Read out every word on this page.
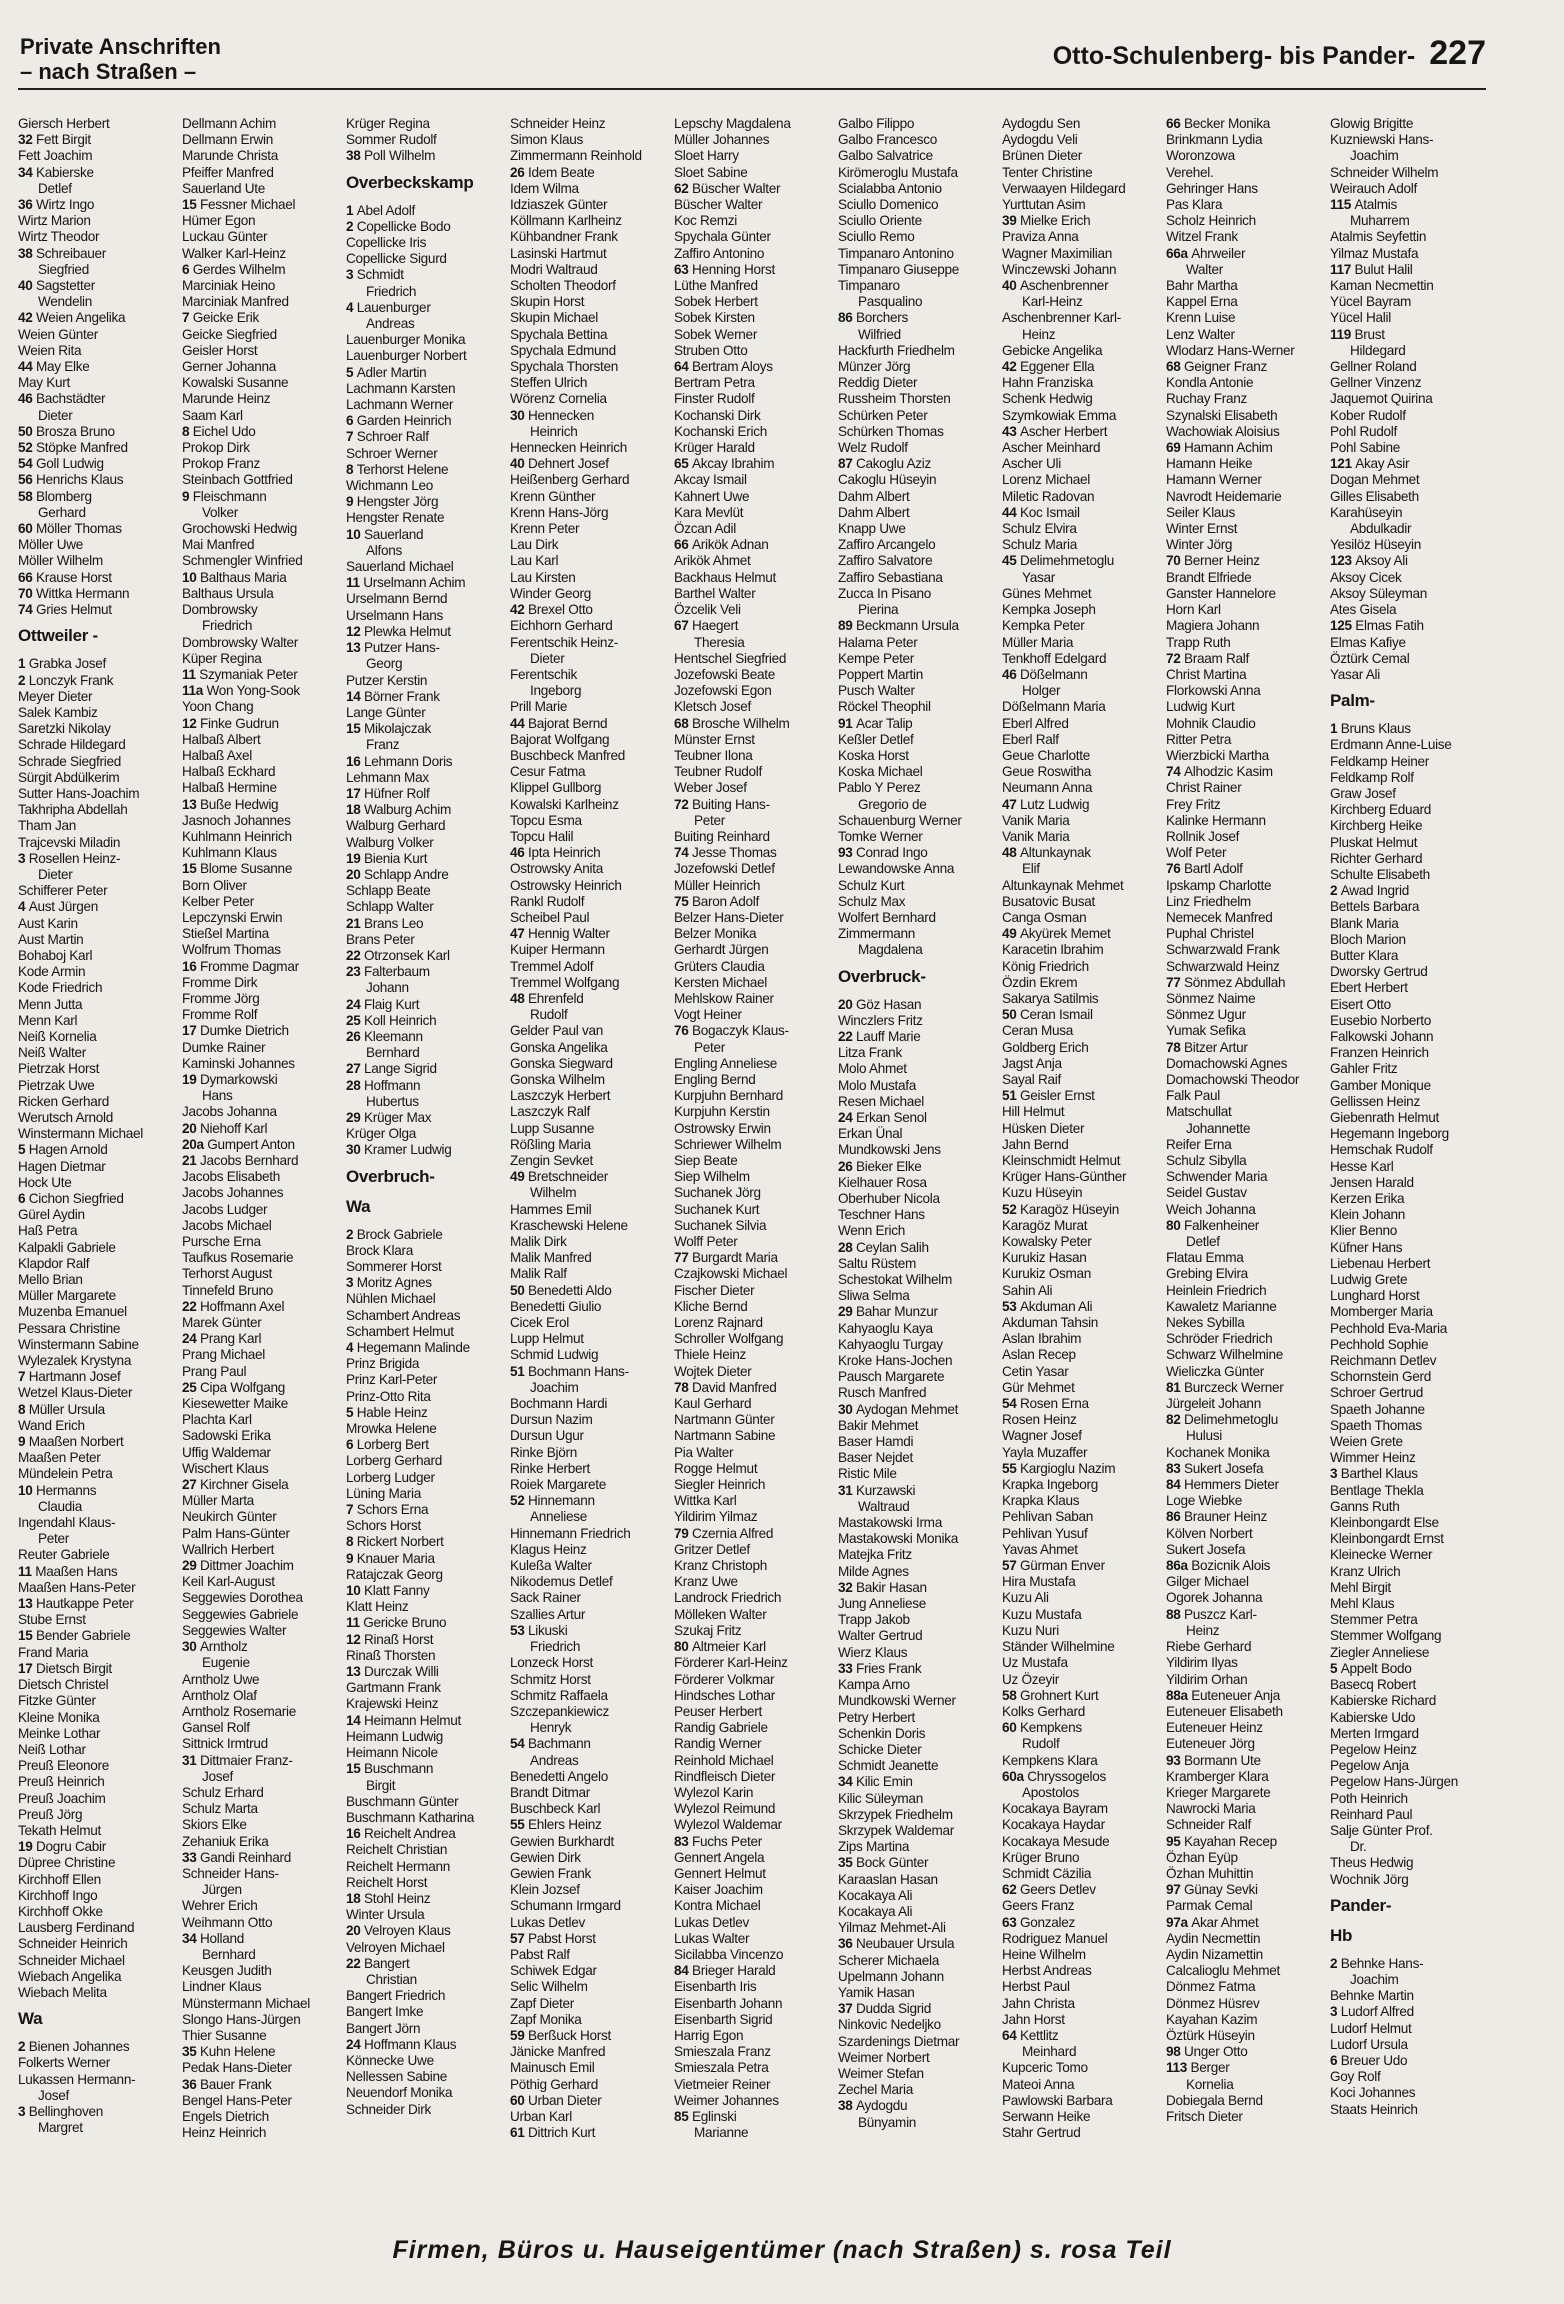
Private Anschriften
– nach Straßen –
Otto-Schulenberg- bis Pander- 227
Giersch Herbert
32 Fett Birgit
Fett Joachim
34 Kabierske
Detlef
36 Wirtz Ingo
Wirtz Marion
Wirtz Theodor
38 Schreibauer
Siegfried
40 Sagstetter
Wendelin
42 Weien Angelika
Weien Günter
Weien Rita
44 May Elke
May Kurt
46 Bachstädter
Dieter
50 Brosza Bruno
52 Stöpke Manfred
54 Goll Ludwig
56 Henrichs Klaus
58 Blomberg
Gerhard
60 Möller Thomas
Möller Uwe
Möller Wilhelm
66 Krause Horst
70 Wittka Hermann
74 Gries Helmut
Ottweiler -
1 Grabka Josef
2 Lonczyk Frank
Meyer Dieter
Salek Kambiz
Saretzki Nikolay
Schrade Hildegard
Schrade Siegfried
Sürgit Abdülkerim
Sutter Hans-Joachim
Takhripha Abdellah
Tham Jan
Trajcevski Miladin
3 Rosellen Heinz-
Dieter
Schifferer Peter
4 Aust Jürgen
Aust Karin
Aust Martin
Bohaboj Karl
Kode Armin
Kode Friedrich
Menn Jutta
Menn Karl
Neiß Kornelia
Neiß Walter
Pietrzak Horst
Pietrzak Uwe
Ricken Gerhard
Werutsch Arnold
Winstermann Michael
5 Hagen Arnold
Hagen Dietmar
Hock Ute
6 Cichon Siegfried
Gürel Aydin
Haß Petra
Kalpakli Gabriele
Klapdor Ralf
Mello Brian
Müller Margarete
Muzenba Emanuel
Pessara Christine
Winstermann Sabine
Wylezalek Krystyna
7 Hartmann Josef
Wetzel Klaus-Dieter
8 Müller Ursula
Wand Erich
9 Maaßen Norbert
Maaßen Peter
Mündelein Petra
10 Hermanns
Claudia
Ingendahl Klaus-
Peter
Reuter Gabriele
11 Maaßen Hans
Maaßen Hans-Peter
13 Hautkappe Peter
Stube Ernst
15 Bender Gabriele
Frand Maria
17 Dietsch Birgit
Dietsch Christel
Fitzke Günter
Kleine Monika
Meinke Lothar
Neiß Lothar
Preuß Eleonore
Preuß Heinrich
Preuß Joachim
Preuß Jörg
Tekath Helmut
19 Dogru Cabir
Düpree Christine
Kirchhoff Ellen
Kirchhoff Ingo
Kirchhoff Okke
Lausberg Ferdinand
Schneider Heinrich
Schneider Michael
Wiebach Angelika
Wiebach Melita
Wa
2 Bienen Johannes
Folkerts Werner
Lukassen Hermann-
Josef
3 Bellinghoven
Margret
Dellmann Achim
Dellmann Erwin
Marunde Christa
Pfeiffer Manfred
Sauerland Ute
15 Fessner Michael
Hümer Egon
Luckau Günter
Walker Karl-Heinz
6 Gerdes Wilhelm
Marciniak Heino
Marciniak Manfred
7 Geicke Erik
Geicke Siegfried
Geisler Horst
Gerner Johanna
Kowalski Susanne
Marunde Heinz
Saam Karl
8 Eichel Udo
Prokop Dirk
Prokop Franz
Steinbach Gottfried
9 Fleischmann
Volker
Grochowski Hedwig
Mai Manfred
Schmengler Winfried
10 Balthaus Maria
Balthaus Ursula
Dombrowsky
Friedrich
Dombrowsky Walter
Küper Regina
11 Szymaniak Peter
11a Won Yong-Sook
Yoon Chang
12 Finke Gudrun
Halbaß Albert
Halbaß Axel
Halbaß Eckhard
Halbaß Hermine
13 Buße Hedwig
Jasnoch Johannes
Kuhlmann Heinrich
Kuhlmann Klaus
15 Blome Susanne
Born Oliver
Kelber Peter
Lepczynski Erwin
Stießel Martina
Wolfrum Thomas
16 Fromme Dagmar
Fromme Dirk
Fromme Jörg
Fromme Rolf
17 Dumke Dietrich
Dumke Rainer
Kaminski Johannes
19 Dymarkowski
Hans
Jacobs Johanna
20 Niehoff Karl
20a Gumpert Anton
21 Jacobs Bernhard
Jacobs Elisabeth
Jacobs Johannes
Jacobs Ludger
Jacobs Michael
Pursche Erna
Taufkus Rosemarie
Terhorst August
Tinnefeld Bruno
22 Hoffmann Axel
Marek Günter
24 Prang Karl
Prang Michael
Prang Paul
25 Cipa Wolfgang
Kiesewetter Maike
Plachta Karl
Sadowski Erika
Uffig Waldemar
Wischert Klaus
27 Kirchner Gisela
Müller Marta
Neukirch Günter
Palm Hans-Günter
Wallrich Herbert
29 Dittmer Joachim
Keil Karl-August
Seggewies Dorothea
Seggewies Gabriele
Seggewies Walter
30 Arntholz
Eugenie
Arntholz Uwe
Arntholz Olaf
Arntholz Rosemarie
Gansel Rolf
Sittnick Irmtrud
31 Dittmaier Franz-
Josef
Schulz Erhard
Schulz Marta
Skiors Elke
Zehaniuk Erika
33 Gandi Reinhard
Schneider Hans-
Jürgen
Wehrer Erich
Weihmann Otto
34 Holland
Bernhard
Keusgen Judith
Lindner Klaus
Münstermann Michael
Slongo Hans-Jürgen
Thier Susanne
35 Kuhn Helene
Pedak Hans-Dieter
36 Bauer Frank
Bengel Hans-Peter
Engels Dietrich
Heinz Heinrich
Krüger Regina
Sommer Rudolf
38 Poll Wilhelm
Overbeckskamp
1 Abel Adolf
2 Copellicke Bodo
Copellicke Iris
Copellicke Sigurd
3 Schmidt
Friedrich
4 Lauenburger
Andreas
Lauenburger Monika
Lauenburger Norbert
5 Adler Martin
Lachmann Karsten
Lachmann Werner
6 Garden Heinrich
7 Schroer Ralf
Schroer Werner
8 Terhorst Helene
Wichmann Leo
9 Hengster Jörg
Hengster Renate
10 Sauerland
Alfons
Sauerland Michael
11 Urselmann Achim
Urselmann Bernd
Urselmann Hans
12 Plewka Helmut
13 Putzer Hans-
Georg
Putzer Kerstin
14 Börner Frank
Lange Günter
15 Mikolajczak
Franz
16 Lehmann Doris
Lehmann Max
17 Hüfner Rolf
18 Walburg Achim
Walburg Gerhard
Walburg Volker
19 Bienia Kurt
20 Schlapp Andre
Schlapp Beate
Schlapp Walter
21 Brans Leo
Brans Peter
22 Otrzonsek Karl
23 Falterbaum
Johann
24 Flaig Kurt
25 Koll Heinrich
26 Kleemann
Bernhard
27 Lange Sigrid
28 Hoffmann
Hubertus
29 Krüger Max
Krüger Olga
30 Kramer Ludwig
Overbruch-
Wa
2 Brock Gabriele
Brock Klara
Sommerer Horst
3 Moritz Agnes
Nühlen Michael
Schambert Andreas
Schambert Helmut
4 Hegemann Malinde
Prinz Brigida
Prinz Karl-Peter
Prinz-Otto Rita
5 Hable Heinz
Mrowka Helene
6 Lorberg Bert
Lorberg Gerhard
Lorberg Ludger
Lüning Maria
7 Schors Erna
Schors Horst
8 Rickert Norbert
9 Knauer Maria
Ratajczak Georg
10 Klatt Fanny
Klatt Heinz
11 Gericke Bruno
12 Rinaß Horst
Rinaß Thorsten
13 Durczak Willi
Gartmann Frank
Krajewski Heinz
14 Heimann Helmut
Heimann Ludwig
Heimann Nicole
15 Buschmann
Birgit
Buschmann Günter
Buschmann Katharina
16 Reichelt Andrea
Reichelt Christian
Reichelt Hermann
Reichelt Horst
18 Stohl Heinz
Winter Ursula
20 Velroyen Klaus
Velroyen Michael
22 Bangert
Christian
Bangert Friedrich
Bangert Imke
Bangert Jörn
24 Hoffmann Klaus
Könnecke Uwe
Nellessen Sabine
Neuendorf Monika
Schneider Dirk
Schneider Heinz
Simon Klaus
Zimmermann Reinhold
26 Idem Beate
Idem Wilma
Idziaszek Günter
Köllmann Karlheinz
Kühbandner Frank
Lasinski Hartmut
Modri Waltraud
Scholten Theodorf
Skupin Horst
Skupin Michael
Spychala Bettina
Spychala Edmund
Spychala Thorsten
Steffen Ulrich
Wörenz Cornelia
30 Hennecken
Heinrich
Hennecken Heinrich
40 Dehnert Josef
Heißenberg Gerhard
Krenn Günther
Krenn Hans-Jörg
Krenn Peter
Lau Dirk
Lau Karl
Lau Kirsten
Winder Georg
42 Brexel Otto
Eichhorn Gerhard
Ferentschik Heinz-
Dieter
Ferentschik
Ingeborg
Prill Marie
44 Bajorat Bernd
Bajorat Wolfgang
Buschbeck Manfred
Cesur Fatma
Klippel Gullborg
Kowalski Karlheinz
Topcu Esma
Topcu Halil
46 Ipta Heinrich
Ostrowsky Anita
Ostrowsky Heinrich
Rankl Rudolf
Scheibel Paul
47 Hennig Walter
Kuiper Hermann
Tremmel Adolf
Tremmel Wolfgang
48 Ehrenfeld
Rudolf
Gelder Paul van
Gonska Angelika
Gonska Siegward
Gonska Wilhelm
Laszczyk Herbert
Laszczyk Ralf
Lupp Susanne
Rößling Maria
Zengin Sevket
49 Bretschneider
Wilhelm
Hammes Emil
Kraschewski Helene
Malik Dirk
Malik Manfred
Malik Ralf
50 Benedetti Aldo
Benedetti Giulio
Cicek Erol
Lupp Helmut
Schmid Ludwig
51 Bochmann Hans-
Joachim
Bochmann Hardi
Dursun Nazim
Dursun Ugur
Rinke Björn
Rinke Herbert
Roiek Margarete
52 Hinnemann
Anneliese
Hinnemann Friedrich
Klagus Heinz
Kuleßa Walter
Nikodemus Detlef
Sack Rainer
Szallies Artur
53 Likuski
Friedrich
Lonzeck Horst
Schmitz Horst
Schmitz Raffaela
Szczepankiewicz
Henryk
54 Bachmann
Andreas
Benedetti Angelo
Brandt Ditmar
Buschbeck Karl
55 Ehlers Heinz
Gewien Burkhardt
Gewien Dirk
Gewien Frank
Klein Jozsef
Schumann Irmgard
Lukas Detlev
57 Pabst Horst
Pabst Ralf
Schiwek Edgar
Selic Wilhelm
Zapf Dieter
Zapf Monika
59 Berßuck Horst
Jänicke Manfred
Mainusch Emil
Pöthig Gerhard
60 Urban Dieter
Urban Karl
61 Dittrich Kurt
Lepschy Magdalena
Müller Johannes
Sloet Harry
Sloet Sabine
62 Büscher Walter
Büscher Walter
Koc Remzi
Spychala Günter
Zaffiro Antonino
63 Henning Horst
Lüthe Manfred
Sobek Herbert
Sobek Kirsten
Sobek Werner
Struben Otto
64 Bertram Aloys
Bertram Petra
Finster Rudolf
Kochanski Dirk
Kochanski Erich
Krüger Harald
65 Akcay Ibrahim
Akcay Ismail
Kahnert Uwe
Kara Mevlüt
Özcan Adil
66 Arikök Adnan
Arikök Ahmet
Backhaus Helmut
Barthel Walter
Özcelik Veli
67 Haegert
Theresia
Hentschel Siegfried
Jozefowski Beate
Jozefowski Egon
Kletsch Josef
68 Brosche Wilhelm
Münster Ernst
Teubner Ilona
Teubner Rudolf
Weber Josef
72 Buiting Hans-
Peter
Buiting Reinhard
74 Jesse Thomas
Jozefowski Detlef
Müller Heinrich
75 Baron Adolf
Belzer Hans-Dieter
Belzer Monika
Gerhardt Jürgen
Grüters Claudia
Kersten Michael
Mehlskow Rainer
Vogt Heiner
76 Bogaczyk Klaus-
Peter
Engling Anneliese
Engling Bernd
Kurpjuhn Bernhard
Kurpjuhn Kerstin
Ostrowsky Erwin
Schriewer Wilhelm
Siep Beate
Siep Wilhelm
Suchanek Jörg
Suchanek Kurt
Suchanek Silvia
Wolff Peter
77 Burgardt Maria
Czajkowski Michael
Fischer Dieter
Kliche Bernd
Lorenz Rajnard
Schroller Wolfgang
Thiele Heinz
Wojtek Dieter
78 David Manfred
Kaul Gerhard
Nartmann Günter
Nartmann Sabine
Pia Walter
Rogge Helmut
Siegler Heinrich
Wittka Karl
Yildirim Yilmaz
79 Czernia Alfred
Gritzer Detlef
Kranz Christoph
Kranz Uwe
Landrock Friedrich
Mölleken Walter
Szukaj Fritz
80 Altmeier Karl
Förderer Karl-Heinz
Förderer Volkmar
Hindsches Lothar
Peuser Herbert
Randig Gabriele
Randig Werner
Reinhold Michael
Rindfleisch Dieter
Wylezol Karin
Wylezol Reimund
Wylezol Waldemar
83 Fuchs Peter
Gennert Angela
Gennert Helmut
Kaiser Joachim
Kontra Michael
Lukas Detlev
Lukas Walter
Sicilabba Vincenzo
84 Brieger Harald
Eisenbarth Iris
Eisenbarth Johann
Eisenbarth Sigrid
Harrig Egon
Smieszala Franz
Smieszala Petra
Vietmeier Reiner
Weimer Johannes
85 Eglinski
Marianne
Galbo Filippo
Galbo Francesco
Galbo Salvatrice
Kirömeroglu Mustafa
Scialabba Antonio
Sciullo Domenico
Sciullo Oriente
Sciullo Remo
Timpanaro Antonino
Timpanaro Giuseppe
Timpanaro
Pasqualino
86 Borchers
Wilfried
Hackfurth Friedhelm
Münzer Jörg
Reddig Dieter
Russheim Thorsten
Schürken Peter
Schürken Thomas
Welz Rudolf
87 Cakoglu Aziz
Cakoglu Hüseyin
Dahm Albert
Dahm Albert
Knapp Uwe
Zaffiro Arcangelo
Zaffiro Salvatore
Zaffiro Sebastiana
Zucca In Pisano
Pierina
89 Beckmann Ursula
Halama Peter
Kempe Peter
Poppert Martin
Pusch Walter
Röckel Theophil
91 Acar Talip
Keßler Detlef
Koska Horst
Koska Michael
Pablo Y Perez
Gregorio de
Schauenburg Werner
Tomke Werner
93 Conrad Ingo
Lewandowske Anna
Schulz Kurt
Schulz Max
Wolfert Bernhard
Zimmermann
Magdalena
Overbruck-
20 Göz Hasan
Winczlers Fritz
22 Lauff Marie
Litza Frank
Molo Ahmet
Molo Mustafa
Resen Michael
24 Erkan Senol
Erkan Ünal
Mundkowski Jens
26 Bieker Elke
Kielhauer Rosa
Oberhuber Nicola
Teschner Hans
Wenn Erich
28 Ceylan Salih
Saltu Rüstem
Schestokat Wilhelm
Sliwa Selma
29 Bahar Munzur
Kahyaoglu Kaya
Kahyaoglu Turgay
Kroke Hans-Jochen
Pausch Margarete
Rusch Manfred
30 Aydogan Mehmet
Bakir Mehmet
Baser Hamdi
Baser Nejdet
Ristic Mile
31 Kurzawski
Waltraud
Mastakowski Irma
Mastakowski Monika
Matejka Fritz
Milde Agnes
32 Bakir Hasan
Jung Anneliese
Trapp Jakob
Walter Gertrud
Wierz Klaus
33 Fries Frank
Kampa Arno
Mundkowski Werner
Petry Herbert
Schenkin Doris
Schicke Dieter
Schmidt Jeanette
34 Kilic Emin
Kilic Süleyman
Skrzypek Friedhelm
Skrzypek Waldemar
Zips Martina
35 Bock Günter
Karaaslan Hasan
Kocakaya Ali
Kocakaya Ali
Yilmaz Mehmet-Ali
36 Neubauer Ursula
Scherer Michaela
Upelmann Johann
Yamik Hasan
37 Dudda Sigrid
Ninkovic Nedeljko
Szardenings Dietmar
Weimer Norbert
Weimer Stefan
Zechel Maria
38 Aydogdu
Bünyamin
Aydogdu Sen
Aydogdu Veli
Brünen Dieter
Tenter Christine
Verwaayen Hildegard
Yurttutan Asim
39 Mielke Erich
Praviza Anna
Wagner Maximilian
Winczewski Johann
40 Aschenbrenner
Karl-Heinz
Aschenbrenner Karl-
Heinz
Gebicke Angelika
42 Eggener Ella
Hahn Franziska
Schenk Hedwig
Szymkowiak Emma
43 Ascher Herbert
Ascher Meinhard
Ascher Uli
Lorenz Michael
Miletic Radovan
44 Koc Ismail
Schulz Elvira
Schulz Maria
45 Delimehmetoglu
Yasar
Günes Mehmet
Kempka Joseph
Kempka Peter
Müller Maria
Tenkhoff Edelgard
46 Dößelmann
Holger
Dößelmann Maria
Eberl Alfred
Eberl Ralf
Geue Charlotte
Geue Roswitha
Neumann Anna
47 Lutz Ludwig
Vanik Maria
Vanik Maria
48 Altunkaynak
Elif
Altunkaynak Mehmet
Busatovic Busat
Canga Osman
49 Akyürek Memet
Karacetin Ibrahim
König Friedrich
Özdin Ekrem
Sakarya Satilmis
50 Ceran Ismail
Ceran Musa
Goldberg Erich
Jagst Anja
Sayal Raif
51 Geisler Ernst
Hill Helmut
Hüsken Dieter
Jahn Bernd
Kleinschmidt Helmut
Krüger Hans-Günther
Kuzu Hüseyin
52 Karagöz Hüseyin
Karagöz Murat
Kowalsky Peter
Kurukiz Hasan
Kurukiz Osman
Sahin Ali
53 Akduman Ali
Akduman Tahsin
Aslan Ibrahim
Aslan Recep
Cetin Yasar
Gür Mehmet
54 Rosen Erna
Rosen Heinz
Wagner Josef
Yayla Muzaffer
55 Kargioglu Nazim
Krapka Ingeborg
Krapka Klaus
Pehlivan Saban
Pehlivan Yusuf
Yavas Ahmet
57 Gürman Enver
Hira Mustafa
Kuzu Ali
Kuzu Mustafa
Kuzu Nuri
Ständer Wilhelmine
Uz Mustafa
Uz Özeyir
58 Grohnert Kurt
Kolks Gerhard
60 Kempkens
Rudolf
Kempkens Klara
60a Chryssogelos
Apostolos
Kocakaya Bayram
Kocakaya Haydar
Kocakaya Mesude
Krüger Bruno
Schmidt Cäzilia
62 Geers Detlev
Geers Franz
63 Gonzalez
Rodriguez Manuel
Heine Wilhelm
Herbst Andreas
Herbst Paul
Jahn Christa
Jahn Horst
64 Kettlitz
Meinhard
Kupceric Tomo
Mateoi Anna
Pawlowski Barbara
Serwann Heike
Stahr Gertrud
66 Becker Monika
Brinkmann Lydia
Woronzowa
Verehel.
Gehringer Hans
Pas Klara
Scholz Heinrich
Witzel Frank
66a Ahrweiler
Walter
Bahr Martha
Kappel Erna
Krenn Luise
Lenz Walter
Wlodarz Hans-Werner
68 Geigner Franz
Kondla Antonie
Ruchay Franz
Szynalski Elisabeth
Wachowiak Aloisius
69 Hamann Achim
Hamann Heike
Hamann Werner
Navrodt Heidemarie
Seiler Klaus
Winter Ernst
Winter Jörg
70 Berner Heinz
Brandt Elfriede
Ganster Hannelore
Horn Karl
Magiera Johann
Trapp Ruth
72 Braam Ralf
Christ Martina
Florkowski Anna
Ludwig Kurt
Mohnik Claudio
Ritter Petra
Wierzbicki Martha
74 Alhodzic Kasim
Christ Rainer
Frey Fritz
Kalinke Hermann
Rollnik Josef
Wolf Peter
76 Bartl Adolf
Ipskamp Charlotte
Linz Friedhelm
Nemecek Manfred
Puphal Christel
Schwarzwald Frank
Schwarzwald Heinz
77 Sönmez Abdullah
Sönmez Naime
Sönmez Ugur
Yumak Sefika
78 Bitzer Artur
Domachowski Agnes
Domachowski Theodor
Falk Paul
Matschullat
Johannette
Reifer Erna
Schulz Sibylla
Schwender Maria
Seidel Gustav
Weich Johanna
80 Falkenheiner
Detlef
Flatau Emma
Grebing Elvira
Heinlein Friedrich
Kawaletz Marianne
Nekes Sybilla
Schröder Friedrich
Schwarz Wilhelmine
Wieliczka Günter
81 Burczeck Werner
Jürgeleit Johann
82 Delimehmetoglu
Hulusi
Kochanek Monika
83 Sukert Josefa
84 Hemmers Dieter
Loge Wiebke
86 Brauner Heinz
Kölven Norbert
Sukert Josefa
86a Bozicnik Alois
Gilger Michael
Ogorek Johanna
88 Puszcz Karl-
Heinz
Riebe Gerhard
Yildirim Ilyas
Yildirim Orhan
88a Euteneuer Anja
Euteneuer Elisabeth
Euteneuer Heinz
Euteneuer Jörg
93 Bormann Ute
Kramberger Klara
Krieger Margarete
Nawrocki Maria
Schneider Ralf
95 Kayahan Recep
Özhan Eyüp
Özhan Muhittin
97 Günay Sevki
Parmak Cemal
97a Akar Ahmet
Aydin Necmettin
Aydin Nizamettin
Calcalioglu Mehmet
Dönmez Fatma
Dönmez Hüsrev
Kayahan Kazim
Öztürk Hüseyin
98 Unger Otto
113 Berger
Kornelia
Dobiegala Bernd
Fritsch Dieter
Glowig Brigitte
Kuzniewski Hans-
Joachim
Schneider Wilhelm
Weirauch Adolf
115 Atalmis
Muharrem
Atalmis Seyfettin
Yilmaz Mustafa
117 Bulut Halil
Kaman Necmettin
Yücel Bayram
Yücel Halil
119 Brust
Hildegard
Gellner Roland
Gellner Vinzenz
Jaquemot Quirina
Kober Rudolf
Pohl Rudolf
Pohl Sabine
121 Akay Asir
Dogan Mehmet
Gilles Elisabeth
Karahüseyin
Abdulkadir
Yesilöz Hüseyin
123 Aksoy Ali
Aksoy Cicek
Aksoy Süleyman
Ates Gisela
125 Elmas Fatih
Elmas Kafiye
Öztürk Cemal
Yasar Ali
Palm-
1 Bruns Klaus
Erdmann Anne-Luise
Feldkamp Heiner
Feldkamp Rolf
Graw Josef
Kirchberg Eduard
Kirchberg Heike
Pluskat Helmut
Richter Gerhard
Schulte Elisabeth
2 Awad Ingrid
Bettels Barbara
Blank Maria
Bloch Marion
Butter Klara
Dworsky Gertrud
Ebert Herbert
Eisert Otto
Eusebio Norberto
Falkowski Johann
Franzen Heinrich
Gahler Fritz
Gamber Monique
Gellissen Heinz
Giebenrath Helmut
Hegemann Ingeborg
Hemschak Rudolf
Hesse Karl
Jensen Harald
Kerzen Erika
Klein Johann
Klier Benno
Küfner Hans
Liebenau Herbert
Ludwig Grete
Lunghard Horst
Momberger Maria
Pechhold Eva-Maria
Pechhold Sophie
Reichmann Detlev
Schornstein Gerd
Schroer Gertrud
Spaeth Johanne
Spaeth Thomas
Weien Grete
Wimmer Heinz
3 Barthel Klaus
Bentlage Thekla
Ganns Ruth
Kleinbongardt Else
Kleinbongardt Ernst
Kleinecke Werner
Kranz Ulrich
Mehl Birgit
Mehl Klaus
Stemmer Petra
Stemmer Wolfgang
Ziegler Anneliese
5 Appelt Bodo
Basecq Robert
Kabierske Richard
Kabierske Udo
Merten Irmgard
Pegelow Heinz
Pegelow Anja
Pegelow Hans-Jürgen
Poth Heinrich
Reinhard Paul
Salje Günter Prof.
Dr.
Theus Hedwig
Wochnik Jörg
Pander-
Hb
2 Behnke Hans-
Joachim
Behnke Martin
3 Ludorf Alfred
Ludorf Helmut
Ludorf Ursula
6 Breuer Udo
Goy Rolf
Koci Johannes
Staats Heinrich
Firmen, Büros u. Hauseigentümer (nach Straßen) s. rosa Teil
